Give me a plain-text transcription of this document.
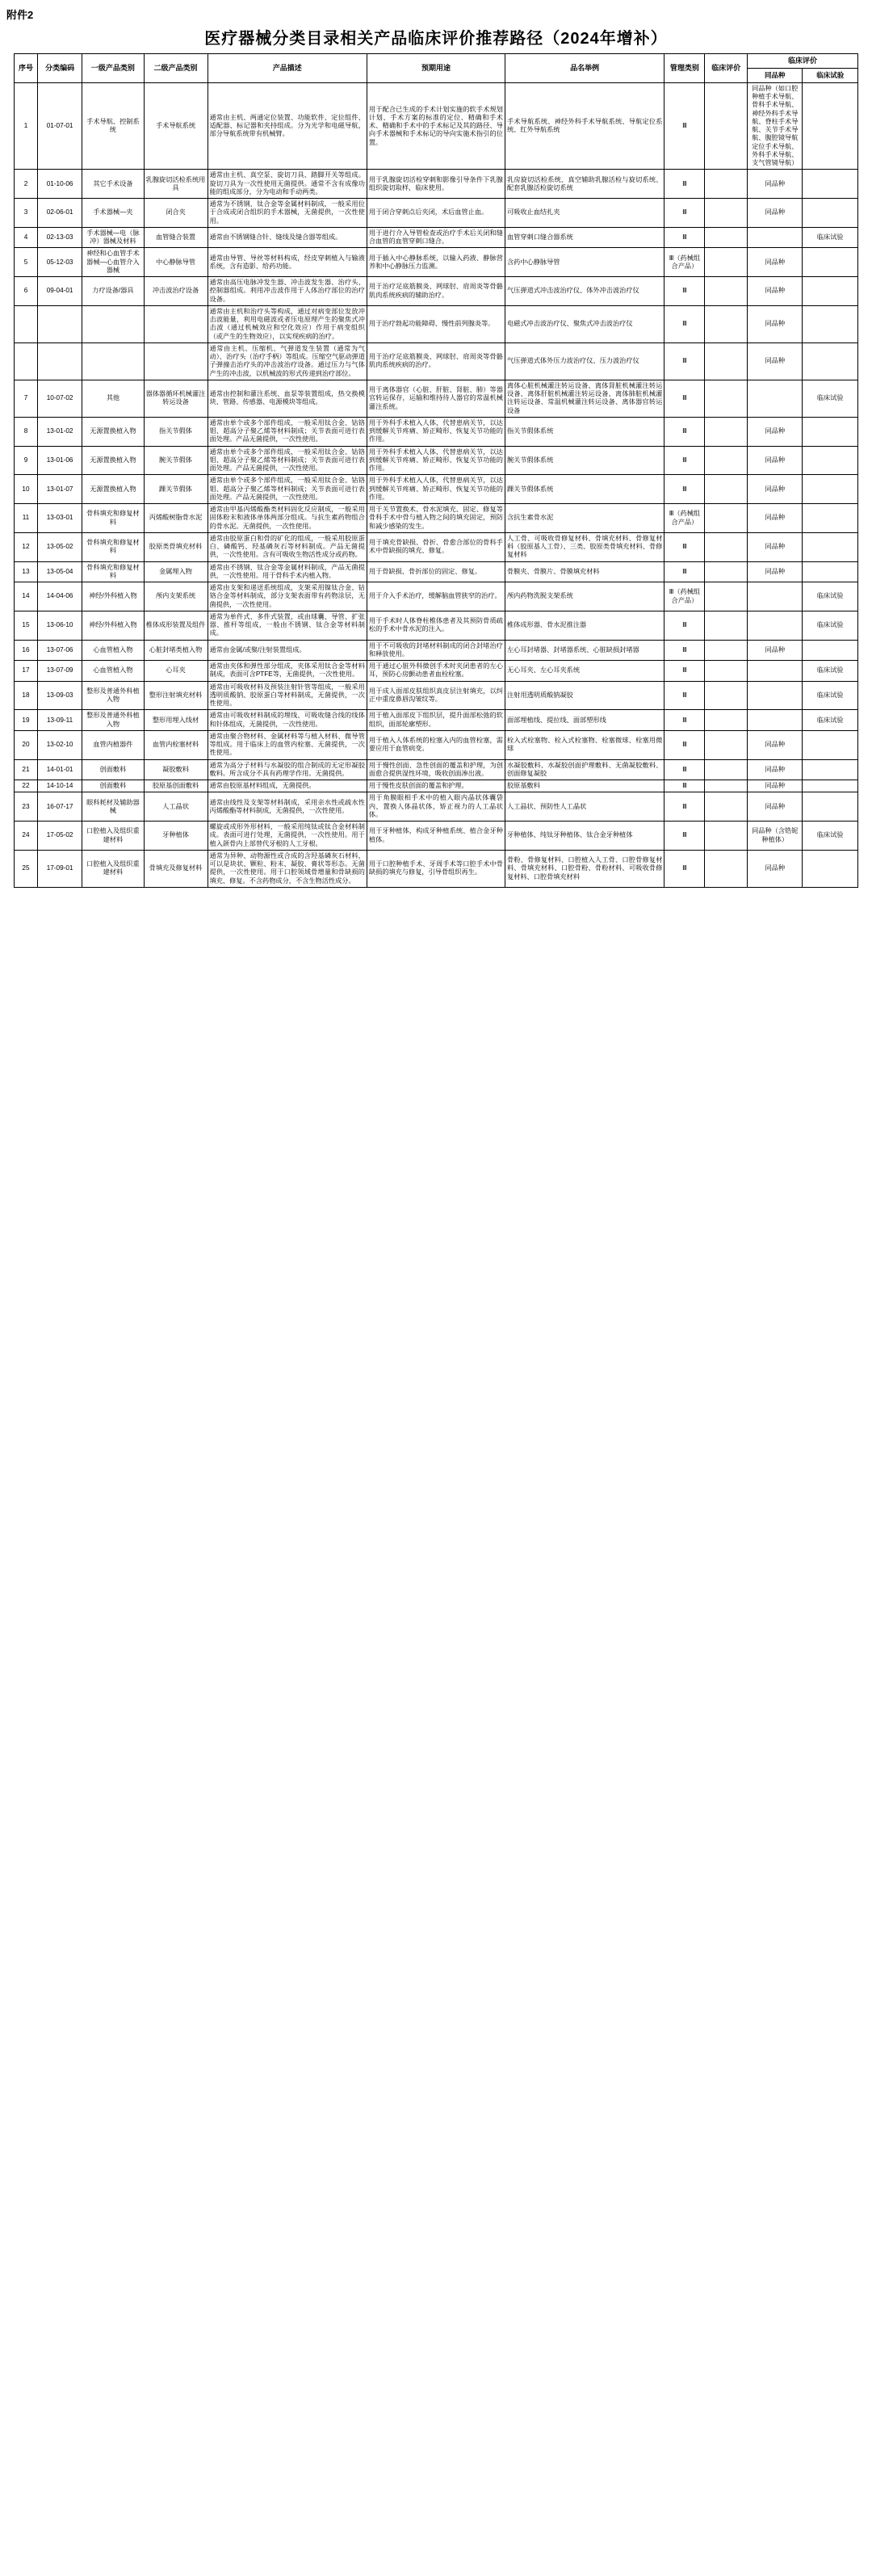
附件2
医疗器械分类目录相关产品临床评价推荐路径（2024年增补）
序号	分类编码	一级产品类别	二级产品类别	产品描述	预期用途	品名举例	管理类别	临床评价	临床评价	
									同品种	临床试验
1	01-07-01	手术导航、控制系统	手术导航系统	通常由主机、两通定位装置、功能软件、定位组件、适配器、标记器和夹持组成。分为光学和电磁导航，部分导航系统带有机械臂。	用于配合已生成的手术计划实施的软手术规划计划、手术方案的标准的定位、精确和手术术、精确和手术中的手术标记及其的路径、导向手术器械和手术标记的导向实施术指引的位置。	手术导航系统、神经外科手术导航系统、导航定位系统、红外导航系统	Ⅲ		同品种（如口腔种植手术导航、骨科手术导航、神经外科手术导航、脊柱手术导航、关节手术导航、腹腔镜导航定位手术导航、外科手术导航、支气管镜导航）	
2	01-10-06	其它手术设备	乳腺旋切活检系统用具	通常由主机、真空泵、旋切刀具、踏脚开关等组成。旋切刀具为一次性使用无菌提供。通常不含有成像功能的组成部分，分为电动和手动两类。	用于乳腺旋切活检穿刺和影像引导条件下乳腺组织旋切取样，临床使用。	乳房旋切活检系统、真空辅助乳腺活检与旋切系统、配套乳腺活检旋切系统	Ⅲ		同品种	
3	02-06-01	手术器械—夹	闭合夹	通常为不锈钢、钛合金等金属材料制成，一般采用位于合成或闭合组织的手术器械，无菌提供，一次性使用。	用于闭合穿刺点后夹闭，术后血管止血。	可吸收止血结扎夹	Ⅲ		同品种	
4	02-13-03	手术器械—电（脉冲）器械及材料	血管缝合装置	通常由不锈钢缝合针、缝线及缝合器等组成。	用于进行介入导管检查或治疗手术后关闭和缝合血管的血管穿刺口缝合。	血管穿刺口缝合器系统	Ⅲ			临床试验
5	05-12-03	神经和心血管手术器械—心血管介入器械	中心静脉导管	通常由导管、导丝等材料构成，经皮穿刺植入与输液系统，含有造影、给药功能。	用于插入中心静脉系统，以输入药液、静脉营养和中心静脉压力监测。	含药中心静脉导管	Ⅲ（药械组合产品）		同品种	
6	09-04-01	力疗设备/器具	冲击波治疗设备	通常由高压电脉冲发生器、冲击波发生器、治疗头、控制器组成。利用冲击波作用于人体治疗部位的治疗设备。	用于治疗足底筋膜炎、网球肘、肩周炎等骨骼肌肉系统疾病的辅助治疗。	气压弹道式冲击波治疗仪、体外冲击波治疗仪	Ⅲ		同品种	
				通常由主机和治疗头等构成，通过对病变部位发放冲击波能量，利用电磁波或者压电原理产生的聚焦式冲击波（通过机械效应和空化效应）作用于病变组织（或产生的生物效应），以实现疾病的治疗。	用于治疗勃起功能障碍、慢性前列腺炎等。	电磁式冲击波治疗仪、聚焦式冲击波治疗仪	Ⅲ		同品种	
				通常由主机、压缩机、气弹道发生装置（通常为气动）、治疗头（治疗手柄）等组成。压缩空气驱动弹道子弹撞击治疗头的冲击波治疗设备。通过压力与气体产生的冲击波，以机械波的形式传递到治疗部位。	用于治疗足底筋膜炎、网球肘、肩周炎等骨骼肌肉系统疾病的治疗。	气压弹道式体外压力波治疗仪、压力波治疗仪	Ⅲ		同品种	
7	10-07-02	其他	器体器循环机械灌注转运设备	通常由控制和灌注系统、血泵等装置组成，热交换模块、管路、传感器、电源模块等组成。	用于离体器官（心脏、肝脏、肾脏、肺）等器官转运保存，运输和维持待人器官的常温机械灌注系统。	离体心脏机械灌注转运设备、离体肾脏机械灌注转运设备、离体肝脏机械灌注转运设备、离体肺脏机械灌注转运设备、常温机械灌注转运设备、离体器官转运设备	Ⅲ			临床试验
8	13-01-02	无源置换植入物	指关节假体	通常由单个或多个部件组成，一般采用钛合金、钴铬钼、超高分子聚乙烯等材料制成；关节表面可进行表面处理。产品无菌提供，一次性使用。	用于外科手术植入人体，代替患病关节，以达到缓解关节疼痛、矫正畸形、恢复关节功能的作用。	指关节假体系统	Ⅲ		同品种	
9	13-01-06	无源置换植入物	腕关节假体	通常由单个或多个部件组成，一般采用钛合金、钴铬钼、超高分子聚乙烯等材料制成；关节表面可进行表面处理。产品无菌提供，一次性使用。	用于外科手术植入人体，代替患病关节，以达到缓解关节疼痛、矫正畸形、恢复关节功能的作用。	腕关节假体系统	Ⅲ		同品种	
10	13-01-07	无源置换植入物	踝关节假体	通常由单个或多个部件组成，一般采用钛合金、钴铬钼、超高分子聚乙烯等材料制成；关节表面可进行表面处理。产品无菌提供，一次性使用。	用于外科手术植入人体，代替患病关节，以达到缓解关节疼痛、矫正畸形、恢复关节功能的作用。	踝关节假体系统	Ⅲ		同品种	
11	13-03-01	骨科填充和修复材料	丙烯酸树脂骨水泥	通常由甲基丙烯酸酯类材料固化反应制成，一般采用固体粉末和液体单体两部分组成。与抗生素药物组合的骨水泥。无菌提供，一次性使用。	用于关节置换术、骨水泥填充、固定、修复等骨科手术中骨与植入物之间的填充固定，预防和减少感染的发生。	含抗生素骨水泥	Ⅲ（药械组合产品）		同品种	
12	13-05-02	骨科填充和修复材料	胶原类骨填充材料	通常由胶原蛋白和骨的矿化的组成，一般采用胶原蛋白、磷酸钙、羟基磷灰石等材料制成。产品无菌提供，一次性使用。含有可吸收生物活性成分或药物。	用于填充骨缺损、骨折、骨愈合部位的骨科手术中骨缺损的填充、修复。	人工骨、可吸收骨修复材料、骨填充材料、骨修复材料（胶原基人工骨）、三类、胶原类骨填充材料、骨修复材料	Ⅲ		同品种	
13	13-05-04	骨科填充和修复材料	金属埋入物	通常由不锈钢、钛合金等金属材料制成，产品无菌提供，一次性使用。用于骨科手术内植入物。	用于骨缺损、骨折部位的固定、修复。	骨膜夹、骨膜片、骨膜填充材料	Ⅲ		同品种	
14	14-04-06	神经/外科植入物	颅内支架系统	通常由支架和递送系统组成，支架采用镍钛合金、钴铬合金等材料制成，部分支架表面带有药物涂层，无菌提供，一次性使用。	用于介入手术治疗，缓解脑血管狭窄的治疗。	颅内药物洗脱支架系统	Ⅲ（药械组合产品）			临床试验
15	13-06-10	神经/外科植入物	椎体成形装置及组件	通常为单件式、多件式装置，或由球囊、导管、扩张器、推杆等组成，一般由不锈钢、钛合金等材料制成。	用于手术时人体脊柱椎体患者及其预防骨质疏松的手术中骨水泥的注入。	椎体成形器、骨水泥推注器	Ⅲ			临床试验
16	13-07-06	心血管植入物	心脏封堵类植入物	通常由金属/或聚/注射装置组成。	用于不可吸收的封堵材料制成的闭合封堵治疗和释放使用。	左心耳封堵器、封堵器系统、心脏缺损封堵器	Ⅲ		同品种	
17	13-07-09	心血管植入物	心耳夹	通常由夹体和弹性部分组成，夹体采用钛合金等材料制成，表面可含PTFE等，无菌提供，一次性使用。	用于通过心脏外科微创手术时夹闭患者的左心耳，预防心房颤动患者血栓栓塞。	无心耳夹、左心耳夹系统	Ⅲ			临床试验
18	13-09-03	整形及普通外科植入物	整形注射填充材料	通常由可吸收材料及预装注射针管等组成，一般采用透明质酸钠、胶原蛋白等材料制成，无菌提供，一次性使用。	用于成人面部皮肤组织真皮层注射填充，以纠正中重度鼻唇沟皱纹等。	注射用透明质酸钠凝胶	Ⅲ			临床试验
19	13-09-11	整形及普通外科植入物	整形用埋入线材	通常由可吸收材料制成的埋线、可吸收缝合线的线体和针体组成，无菌提供，一次性使用。	用于植入面部皮下组织层，提升面部松弛的软组织，面部轮廓塑形。	面部埋植线、提拉线、面部塑形线	Ⅲ			临床试验
20	13-02-10	血管内植器件	血管内栓塞材料	通常由聚合物材料、金属材料等与植入材料、微导管等组成。用于临床上的血管内栓塞、无菌提供，一次性使用。	用于植入人体系统的栓塞入内的血管栓塞，需要应用于血管病变。	栓入式栓塞物、栓入式栓塞物、栓塞微球、栓塞用微球	Ⅲ		同品种	
21	14-01-01	创面敷料	凝胶敷料	通常为高分子材料与水凝胶的组合制成的无定形凝胶敷料。所含成分不具有药理学作用。无菌提供。	用于慢性创面、急性创面的覆盖和护理，为创面愈合提供湿性环境，吸收创面渗出液。	水凝胶敷料、水凝胶创面护理敷料、无菌凝胶敷料、创面修复凝胶	Ⅲ		同品种	
22	14-10-14	创面敷料	胶原基创面敷料	通常由胶原基材料组成，无菌提供。	用于慢性皮肤创面的覆盖和护理。	胶原基敷料	Ⅲ		同品种	
23	16-07-17	眼科耗材及辅助器械	人工晶状	通常由线性及支架等材料制成，采用亲水性或疏水性丙烯酸酯等材料制成，无菌提供，一次性使用。	用于角膜眼相手术中的植入眼内晶状体囊袋内，置换人体晶状体，矫正视力的人工晶状体。	人工晶状、预防性人工晶状	Ⅲ		同品种	
24	17-05-02	口腔植入及组织重建材料	牙种植体	螺旋或成形外形材料，一般采用纯钛或钛合金材料制成。表面可进行处理，无菌提供，一次性使用。用于植入颌骨内上部替代牙根的人工牙根。	用于牙种植体，构成牙种植系统、植合金牙种植体。	牙种植体、纯钛牙种植体、钛合金牙种植体	Ⅲ		同品种（含锆铌种植体）	临床试验
25	17-09-01	口腔植入及组织重建材料	骨填充及修复材料	通常为异种、动物源性或合成的含羟基磷灰石材料，可以是块状、颗粒、粉末、凝胶、膏状等形态。无菌提供，一次性使用。用于口腔领域骨增量和骨缺损的填充、修复。不含药物成分，不含生物活性成分。	用于口腔种植手术、牙周手术等口腔手术中骨缺损的填充与修复，引导骨组织再生。	骨粉、骨修复材料、口腔植入人工骨、口腔骨修复材料、骨填充材料、口腔骨粉、骨粉材料、可吸收骨修复材料、口腔骨填充材料	Ⅲ		同品种	
